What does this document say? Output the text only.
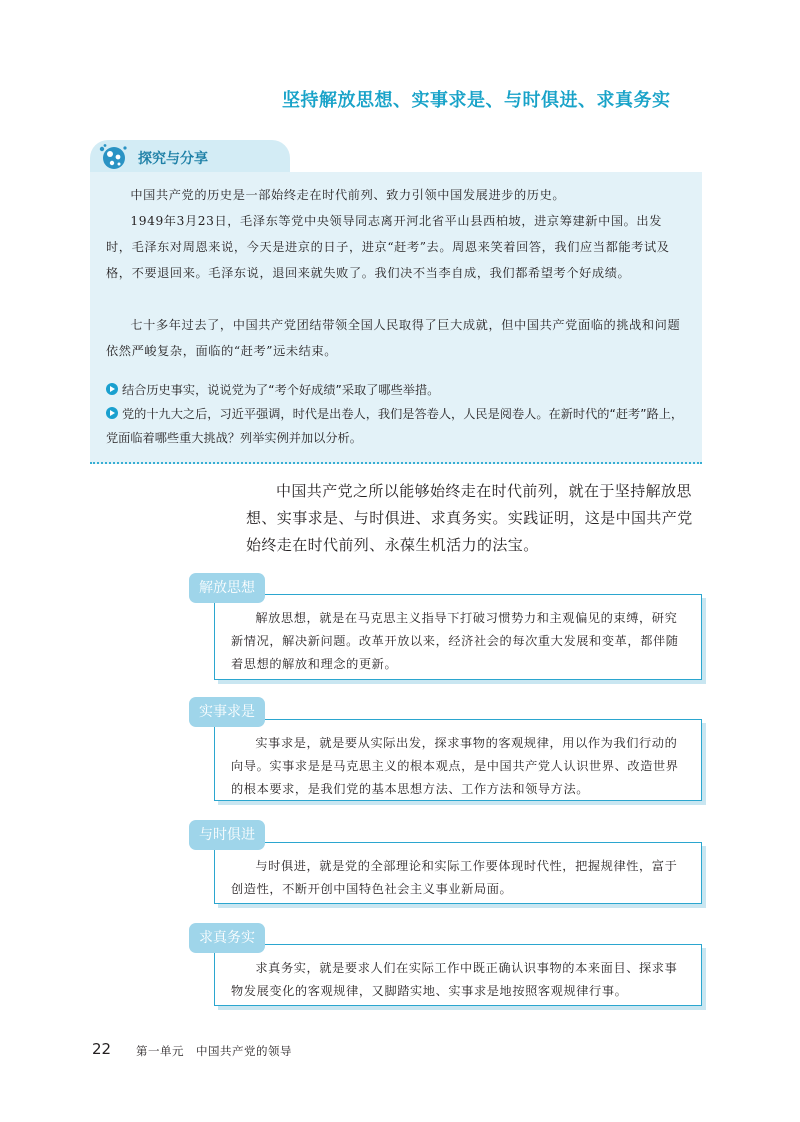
坚持解放思想、实事求是、与时俱进、求真务实
探究与分享

中国共产党的历史是一部始终走在时代前列、致力引领中国发展进步的历史。

1949年3月23日，毛泽东等党中央领导同志离开河北省平山县西柏坡，进京筹建新中国。出发时，毛泽东对周恩来说，今天是进京的日子，进京“赶考”去。周恩来笑着回答，我们应当都能考试及格，不要退回来。毛泽东说，退回来就失败了。我们决不当李自成，我们都希望考个好成绩。

七十多年过去了，中国共产党团结带领全国人民取得了巨大成就，但中国共产党面临的挑战和问题依然严峻复杂，面临的“赶考”远未结束。

结合历史事实，说说党为了“考个好成绩”采取了哪些举措。
党的十九大之后，习近平强调，时代是出卷人，我们是答卷人，人民是阅卷人。在新时代的“赶考”路上，党面临着哪些重大挑战？列举实例并加以分析。

中国共产党之所以能够始终走在时代前列，就在于坚持解放思想、实事求是、与时俱进、求真务实。实践证明，这是中国共产党始终走在时代前列、永葆生机活力的法宝。

解放思想，就是在马克思主义指导下打破习惯势力和主观偏见的束缚，研究新情况，解决新问题。改革开放以来，经济社会的每次重大发展和变革，都伴随着思想的解放和理念的更新。

解放思想

实事求是，就是要从实际出发，探求事物的客观规律，用以作为我们行动的向导。实事求是是马克思主义的根本观点，是中国共产党人认识世界、改造世界的根本要求，是我们党的基本思想方法、工作方法和领导方法。

实事求是

与时俱进，就是党的全部理论和实际工作要体现时代性，把握规律性，富于创造性，不断开创中国特色社会主义事业新局面。

与时俱进

求真务实，就是要求人们在实际工作中既正确认识事物的本来面目、探求事物发展变化的客观规律，又脚踏实地、实事求是地按照客观规律行事。

求真务实
22 第一单元　中国共产党的领导
